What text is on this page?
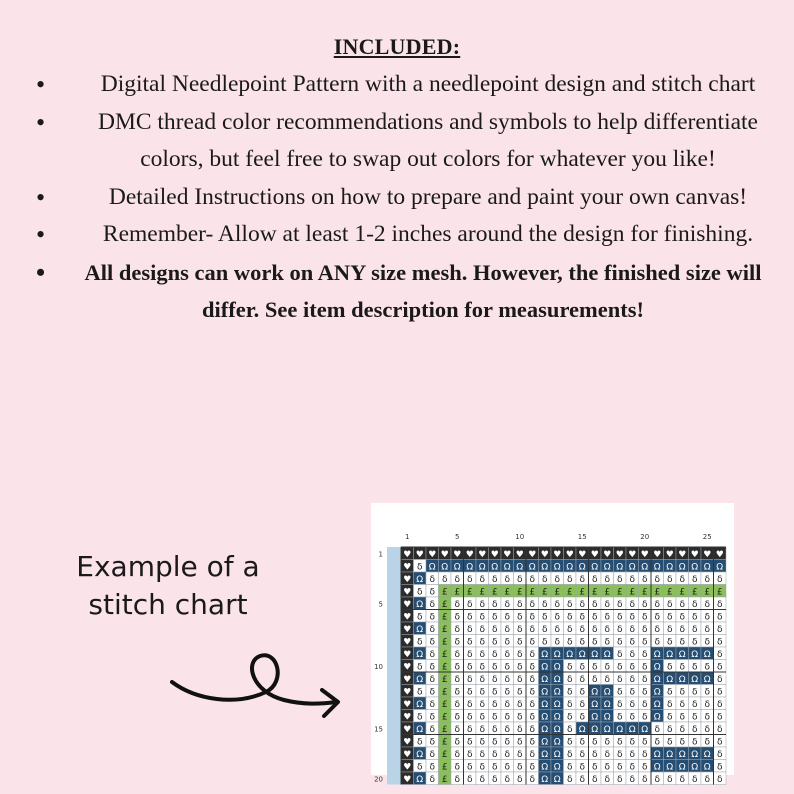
INCLUDED:
• Digital Needlepoint Pattern with a needlepoint design and stitch chart
• DMC thread color recommendations and symbols to help differentiate colors, but feel free to swap out colors for whatever you like!
• Detailed Instructions on how to prepare and paint your own canvas!
• Remember- Allow at least 1-2 inches around the design for finishing.
• All designs can work on ANY size mesh. However, the finished size will differ. See item description for measurements!
Example of a stitch chart
♥ ♥ ♥ ♥ ♥ ♥ ♥ ♥ ♥ ♥ ♥ ♥ ♥ ♥ ♥ ♥ ♥ ♥ ♥ ♥ ♥ ♥ ♥ ♥ ♥ ♥
♥ δ Ω Ω Ω Ω Ω Ω Ω Ω Ω Ω Ω Ω Ω Ω Ω Ω Ω Ω Ω Ω Ω Ω Ω Ω
♥ Ω δ δ δ δ δ δ δ δ δ δ δ δ δ δ δ δ δ δ δ δ δ δ δ δ
♥ δ δ £ £ £ £ £ £ £ £ £ £ £ £ £ £ £ £ £ £ £ £ £ £ £
♥ Ω δ £ δ δ δ δ δ δ δ δ δ δ δ δ δ δ δ δ δ δ δ δ δ δ
♥ δ δ £ δ δ δ δ δ δ δ δ δ δ δ δ δ δ δ δ δ δ δ δ δ δ
♥ Ω δ £ δ δ δ δ δ δ δ δ δ δ δ δ δ δ δ δ δ δ δ δ δ δ
♥ δ δ £ δ δ δ δ δ δ δ δ δ δ δ δ δ δ δ δ δ δ δ δ δ δ
♥ Ω δ £ δ δ δ δ δ δ δ Ω Ω Ω Ω Ω Ω δ δ δ Ω Ω Ω Ω Ω δ
♥ δ δ £ δ δ δ δ δ δ δ Ω Ω δ δ δ δ δ δ δ Ω δ δ δ δ δ
♥ Ω δ £ δ δ δ δ δ δ δ Ω Ω δ δ δ δ δ δ δ Ω Ω Ω Ω Ω δ
♥ δ δ £ δ δ δ δ δ δ δ Ω Ω δ δ Ω Ω δ δ δ Ω δ δ δ δ δ
♥ Ω δ £ δ δ δ δ δ δ δ Ω Ω δ δ Ω Ω δ δ δ Ω δ δ δ δ δ
♥ δ δ £ δ δ δ δ δ δ δ Ω Ω δ δ Ω Ω δ δ δ Ω δ δ δ δ δ
♥ Ω δ £ δ δ δ δ δ δ δ Ω Ω δ Ω Ω Ω Ω Ω Ω δ δ δ δ δ δ
♥ δ δ £ δ δ δ δ δ δ δ Ω Ω δ δ δ δ δ δ δ δ δ δ δ δ δ
♥ Ω δ £ δ δ δ δ δ δ δ Ω Ω δ δ δ δ δ δ δ Ω Ω Ω Ω Ω δ
♥ δ δ £ δ δ δ δ δ δ δ Ω Ω δ δ δ δ δ δ δ Ω Ω Ω Ω Ω δ
♥ Ω δ £ δ δ δ δ δ δ δ Ω Ω δ δ δ δ δ δ δ δ δ δ δ δ δ
1	5	10	15	20	25
1
5
10
15
20
